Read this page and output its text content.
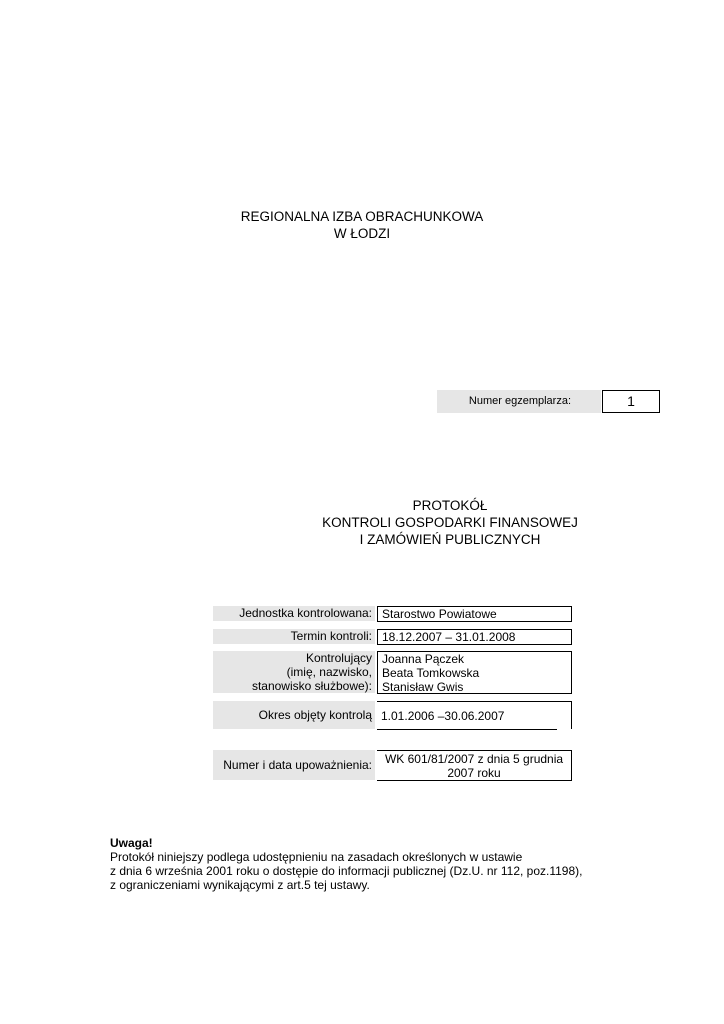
REGIONALNA IZBA OBRACHUNKOWA
W ŁODZI
Numer egzemplarza:	1
PROTOKÓŁ
KONTROLI GOSPODARKI FINANSOWEJ
I ZAMÓWIEŃ PUBLICZNYCH
Jednostka kontrolowana: Starostwo Powiatowe
Termin kontroli: 18.12.2007 – 31.01.2008
Kontrolujący
(imię, nazwisko,
stanowisko służbowe):
Joanna Pączek
Beata Tomkowska
Stanisław Gwis
Okres objęty kontrolą 1.01.2006 –30.06.2007
Numer i data upoważnienia:	WK 601/81/2007 z dnia 5 grudnia
2007 roku
Uwaga!
Protokół niniejszy podlega udostępnieniu na zasadach określonych w ustawie
z dnia 6 września 2001 roku o dostępie do informacji publicznej (Dz.U. nr 112, poz.1198),
z ograniczeniami wynikającymi z art.5 tej ustawy.
